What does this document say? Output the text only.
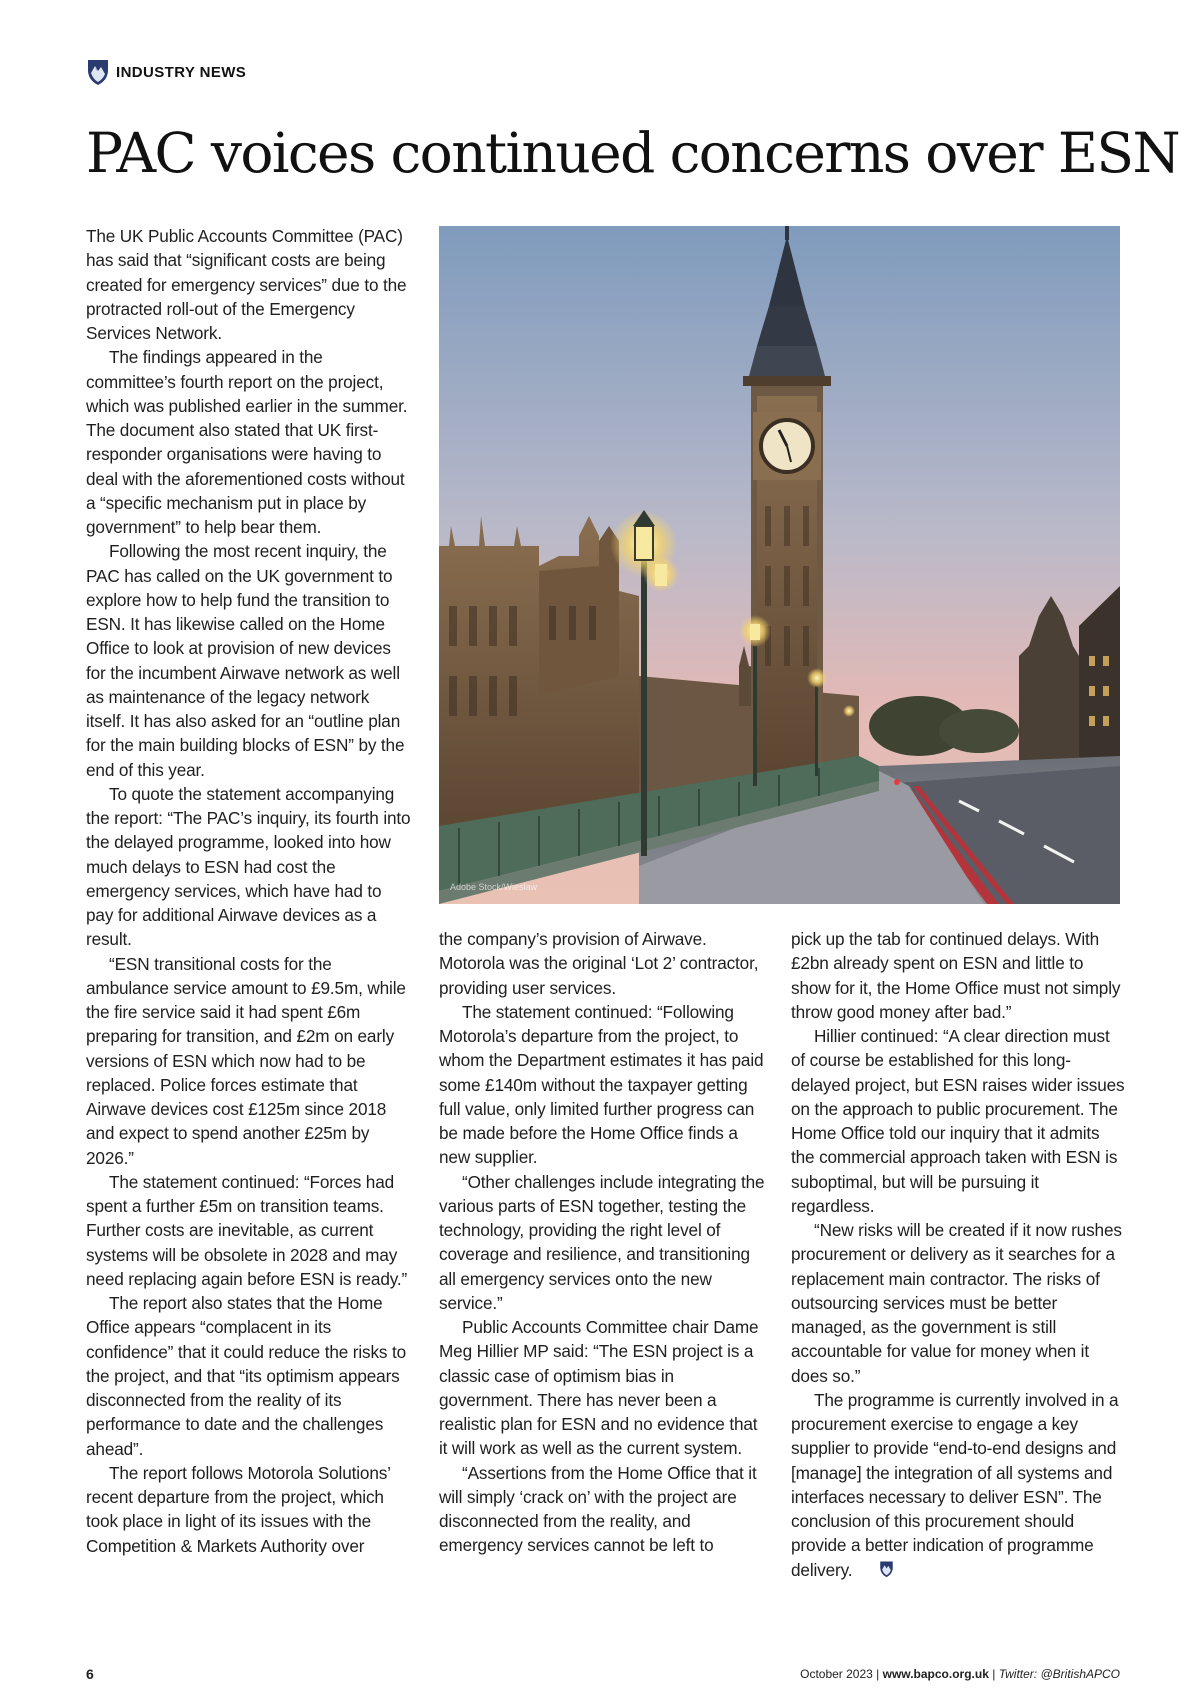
INDUSTRY NEWS
PAC voices continued concerns over ESN

The UK Public Accounts Committee (PAC) has said that “significant costs are being created for emergency services” due to the protracted roll-out of the Emergency Services Network.

The findings appeared in the committee’s fourth report on the project, which was published earlier in the summer. The document also stated that UK first-responder organisations were having to deal with the aforementioned costs without a “specific mechanism put in place by government” to help bear them.

Following the most recent inquiry, the PAC has called on the UK government to explore how to help fund the transition to ESN. It has likewise called on the Home Office to look at provision of new devices for the incumbent Airwave network as well as maintenance of the legacy network itself. It has also asked for an “outline plan for the main building blocks of ESN” by the end of this year.

To quote the statement accompanying the report: “The PAC’s inquiry, its fourth into the delayed programme, looked into how much delays to ESN had cost the emergency services, which have had to pay for additional Airwave devices as a result.

“ESN transitional costs for the ambulance service amount to £9.5m, while the fire service said it had spent £6m preparing for transition, and £2m on early versions of ESN which now had to be replaced. Police forces estimate that Airwave devices cost £125m since 2018 and expect to spend another £25m by 2026.”

The statement continued: “Forces had spent a further £5m on transition teams. Further costs are inevitable, as current systems will be obsolete in 2028 and may need replacing again before ESN is ready.”

The report also states that the Home Office appears “complacent in its confidence” that it could reduce the risks to the project, and that “its optimism appears disconnected from the reality of its performance to date and the challenges ahead”.

The report follows Motorola Solutions’ recent departure from the project, which took place in light of its issues with the Competition & Markets Authority over

Adobe Stock/Wieslaw

the company’s provision of Airwave. Motorola was the original ‘Lot 2’ contractor, providing user services.

The statement continued: “Following Motorola’s departure from the project, to whom the Department estimates it has paid some £140m without the taxpayer getting full value, only limited further progress can be made before the Home Office finds a new supplier.

“Other challenges include integrating the various parts of ESN together, testing the technology, providing the right level of coverage and resilience, and transitioning all emergency services onto the new service.”

Public Accounts Committee chair Dame Meg Hillier MP said: “The ESN project is a classic case of optimism bias in government. There has never been a realistic plan for ESN and no evidence that it will work as well as the current system.

“Assertions from the Home Office that it will simply ‘crack on’ with the project are disconnected from the reality, and emergency services cannot be left to

pick up the tab for continued delays. With £2bn already spent on ESN and little to show for it, the Home Office must not simply throw good money after bad.”

Hillier continued: “A clear direction must of course be established for this long-delayed project, but ESN raises wider issues on the approach to public procurement. The Home Office told our inquiry that it admits the commercial approach taken with ESN is suboptimal, but will be pursuing it regardless.

“New risks will be created if it now rushes procurement or delivery as it searches for a replacement main contractor. The risks of outsourcing services must be better managed, as the government is still accountable for value for money when it does so.”

The programme is currently involved in a procurement exercise to engage a key supplier to provide “end-to-end designs and [manage] the integration of all systems and interfaces necessary to deliver ESN”. The conclusion of this procurement should provide a better indication of programme delivery.

6	October 2023 | www.bapco.org.uk | Twitter: @BritishAPCO
